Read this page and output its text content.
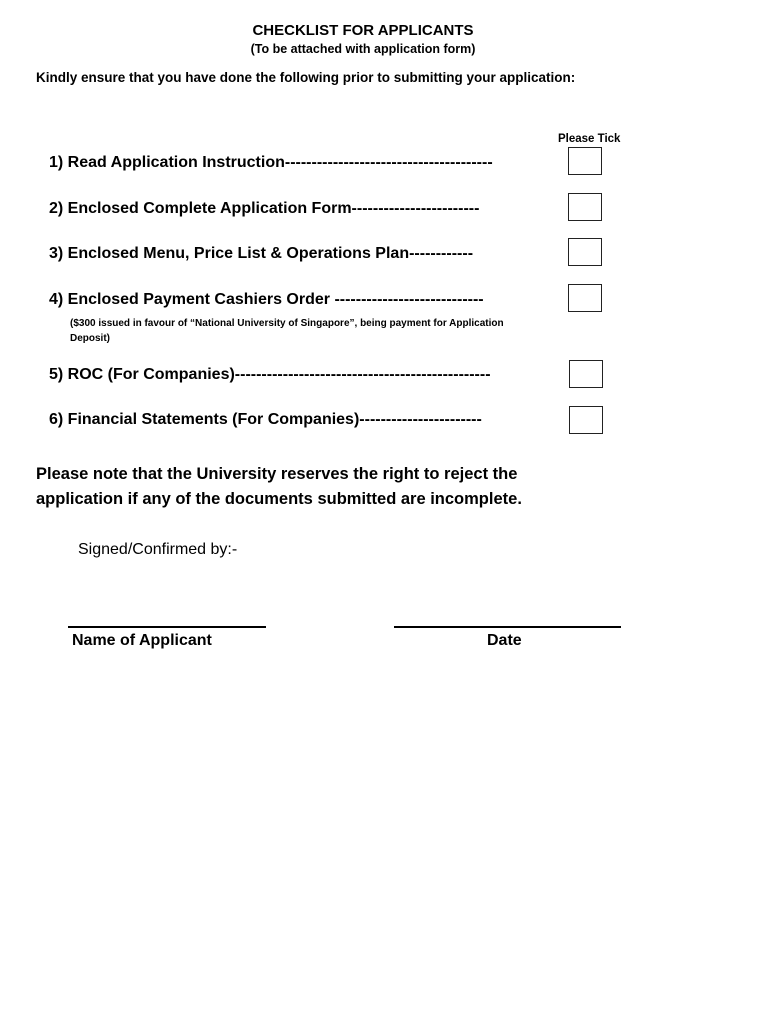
CHECKLIST FOR APPLICANTS
(To be attached with application form)
Kindly ensure that you have done the following prior to submitting your application:
Please Tick
1) Read Application Instruction---------------------------------------
2) Enclosed Complete Application Form------------------------
3) Enclosed Menu, Price List & Operations Plan------------
4) Enclosed Payment Cashiers Order ----------------------------
($300 issued in favour of “National University of Singapore”, being payment for Application Deposit)
5) ROC (For Companies)------------------------------------------------
6) Financial Statements (For Companies)-----------------------
Please note that the University reserves the right to reject the application if any of the documents submitted are incomplete.
Signed/Confirmed by:-
Name of Applicant	Date
